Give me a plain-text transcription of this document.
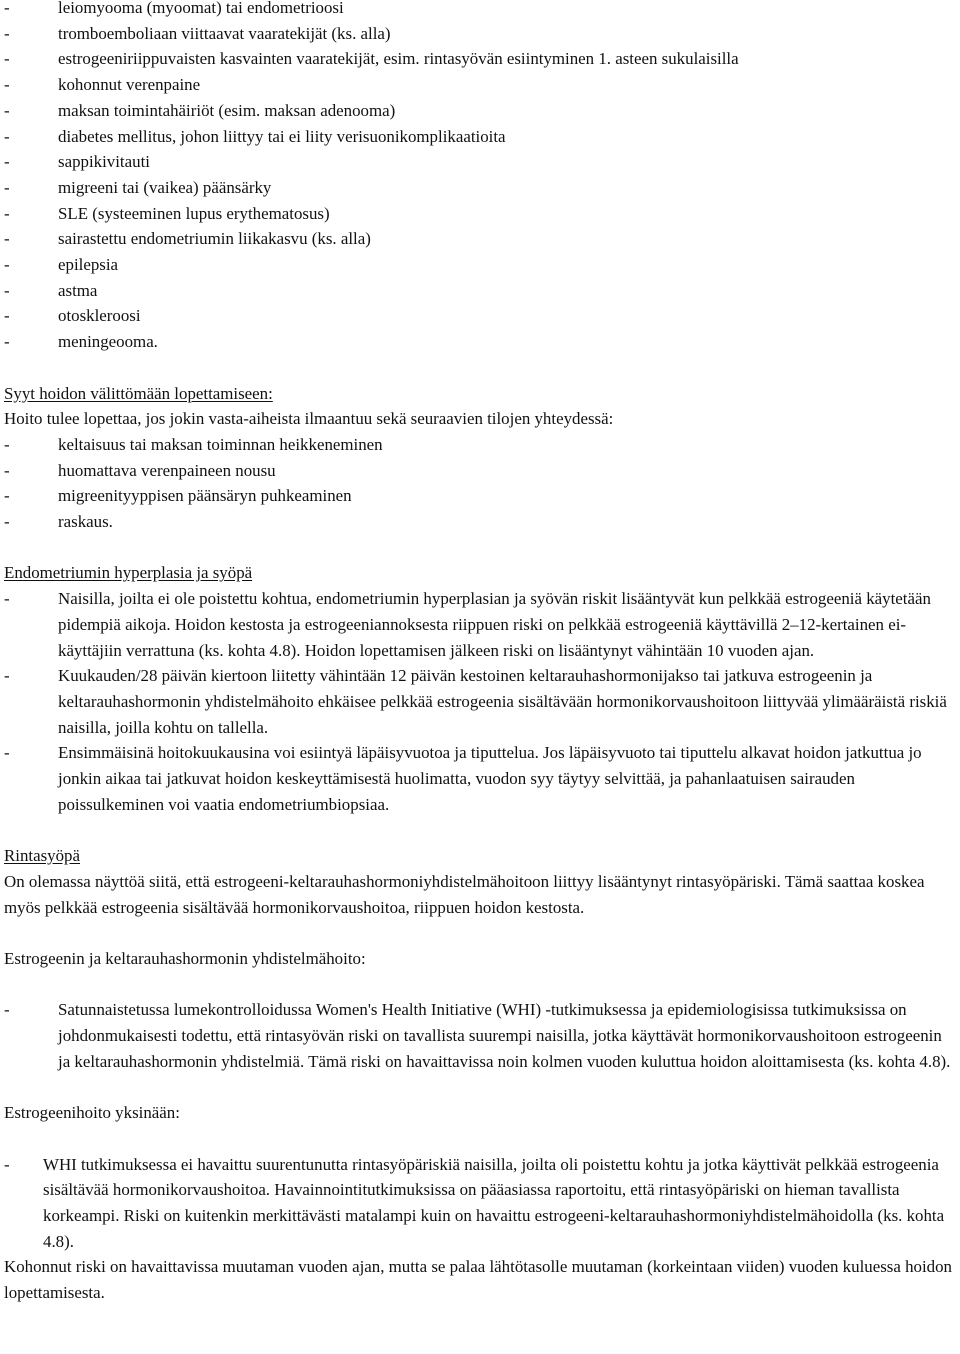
-	leiomyooma (myoomat) tai endometrioosi
-	tromboemboliaan viittaavat vaaratekijät (ks. alla)
-	estrogeeniriippuvaisten kasvainten vaaratekijät, esim. rintasyövän esiintyminen 1. asteen sukulaisilla
-	kohonnut verenpaine
-	maksan toimintahäiriöt (esim. maksan adenooma)
-	diabetes mellitus, johon liittyy tai ei liity verisuonikomplikaatioita
-	sappikivitauti
-	migreeni tai (vaikea) päänsärky
-	SLE (systeeminen lupus erythematosus)
-	sairastettu endometriumin liikakasvu (ks. alla)
-	epilepsia
-	astma
-	otoskleroosi
-	meningeooma.

Syyt hoidon välittömään lopettamiseen:

Hoito tulee lopettaa, jos jokin vasta-aiheista ilmaantuu sekä seuraavien tilojen yhteydessä:

-	keltaisuus tai maksan toiminnan heikkeneminen
-	huomattava verenpaineen nousu
-	migreenityyppisen päänsäryn puhkeaminen
-	raskaus.

Endometriumin hyperplasia ja syöpä

-	Naisilla, joilta ei ole poistettu kohtua, endometriumin hyperplasian ja syövän riskit lisääntyvät kun pelkkää estrogeeniä käytetään pidempiä aikoja. Hoidon kestosta ja estrogeeniannoksesta riippuen riski on pelkkää estrogeeniä käyttävillä 2–12-kertainen ei-käyttäjiin verrattuna (ks. kohta 4.8). Hoidon lopettamisen jälkeen riski on lisääntynyt vähintään 10 vuoden ajan.
-	Kuukauden/28 päivän kiertoon liitetty vähintään 12 päivän kestoinen keltarauhashormonijakso tai jatkuva estrogeenin ja keltarauhashormonin yhdistelmähoito ehkäisee pelkkää estrogeenia sisältävään hormonikorvaushoitoon liittyvää ylimääräistä riskiä naisilla, joilla kohtu on tallella.
-	Ensimmäisinä hoitokuukausina voi esiintyä läpäisyvuotoa ja tiputtelua. Jos läpäisyvuoto tai tiputtelu alkavat hoidon jatkuttua jo jonkin aikaa tai jatkuvat hoidon keskeyttämisestä huolimatta, vuodon syy täytyy selvittää, ja pahanlaatuisen sairauden poissulkeminen voi vaatia endometriumbiopsiaa.

Rintasyöpä

On olemassa näyttöä siitä, että estrogeeni-keltarauhashormoniyhdistelmähoitoon liittyy lisääntynyt rintasyöpäriski. Tämä saattaa koskea myös pelkkää estrogeenia sisältävää hormonikorvaushoitoa, riippuen hoidon kestosta.

Estrogeenin ja keltarauhashormonin yhdistelmähoito:

-	Satunnaistetussa lumekontrolloidussa Women's Health Initiative (WHI) -tutkimuksessa ja epidemiologisissa tutkimuksissa on johdonmukaisesti todettu, että rintasyövän riski on tavallista suurempi naisilla, jotka käyttävät hormonikorvaushoitoon estrogeenin ja keltarauhashormonin yhdistelmiä. Tämä riski on havaittavissa noin kolmen vuoden kuluttua hoidon aloittamisesta (ks. kohta 4.8).

Estrogeenihoito yksinään:

- WHI tutkimuksessa ei havaittu suurentunutta rintasyöpäriskiä naisilla, joilta oli poistettu kohtu ja jotka käyttivät pelkkää estrogeenia sisältävää hormonikorvaushoitoa. Havainnointitutkimuksissa on pääasiassa raportoitu, että rintasyöpäriski on hieman tavallista korkeampi. Riski on kuitenkin merkittävästi matalampi kuin on havaittu estrogeeni-keltarauhashormoniyhdistelmähoidolla (ks. kohta 4.8).

Kohonnut riski on havaittavissa muutaman vuoden ajan, mutta se palaa lähtötasolle muutaman (korkeintaan viiden) vuoden kuluessa hoidon lopettamisesta.
